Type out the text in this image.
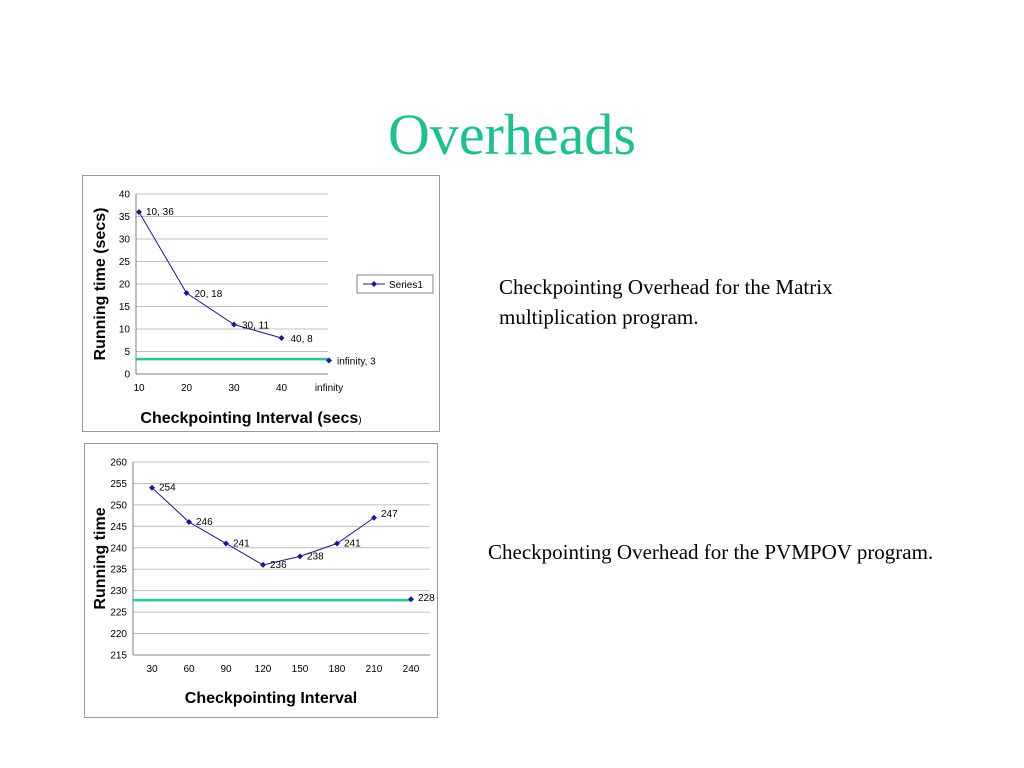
Overheads
0
5
10
15
20
25
30
35
40
10	20	30	40	infinity
10, 36
20, 18
30, 11
40, 8
infinity, 3
Running time (secs)
Checkpointing Interval (secs)
Series1
215
220
225
230
235
240
245
250
255
260
30	60	90 120 150 180 210 240
254
246
241
236
238
241
247
228
Running time
Checkpointing Interval
Checkpointing Overhead for the Matrix multiplication program.
Checkpointing Overhead for the PVMPOV program.
